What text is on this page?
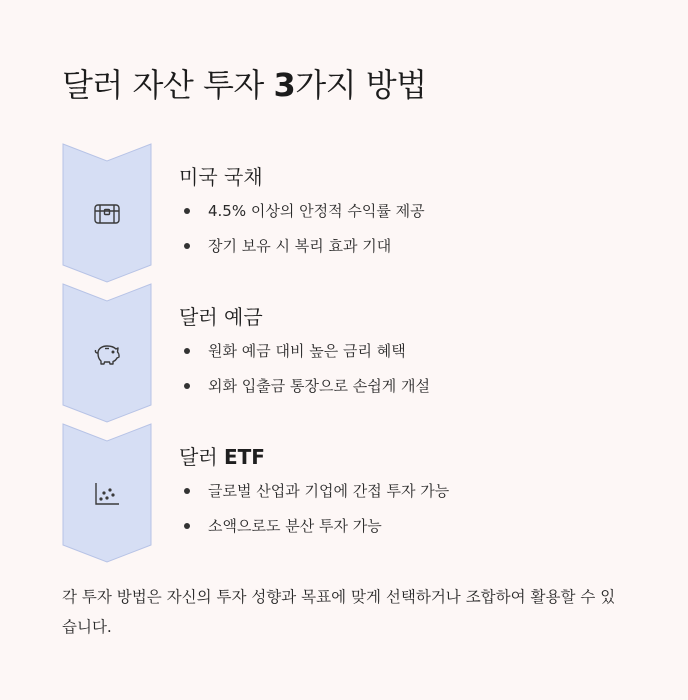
달러 자산 투자 3가지 방법
미국 국채
4.5% 이상의 안정적 수익률 제공
장기 보유 시 복리 효과 기대
달러 예금
원화 예금 대비 높은 금리 혜택
외화 입출금 통장으로 손쉽게 개설
달러 ETF
글로벌 산업과 기업에 간접 투자 가능
소액으로도 분산 투자 가능

각 투자 방법은 자신의 투자 성향과 목표에 맞게 선택하거나 조합하여 활용할 수 있습니다.
